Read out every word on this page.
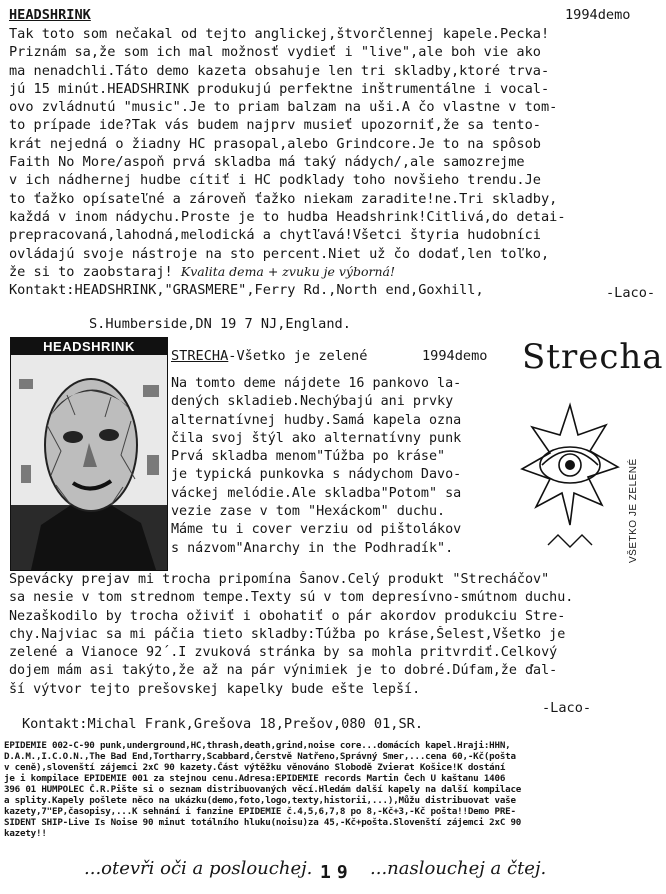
HEADSHRINK	1994demo
Tak toto som nečakal od tejto anglickej,štvorčlennej kapele.Pecka!
Priznám sa,že som ich mal možnosť vydieť i "live",ale boh vie ako
ma nenadchli.Táto demo kazeta obsahuje len tri skladby,ktoré trva-
jú 15 minút.HEADSHRINK produkujú perfektne inštrumentálne i vocal-
ovo zvládnutú "music".Je to priam balzam na uši.A čo vlastne v tom-
to prípade ide?Tak vás budem najprv musieť upozorniť,že sa tento-
krát nejedná o žiadny HC prasopal,alebo Grindcore.Je to na spôsob
Faith No More/aspoň prvá skladba má taký nádych/,ale samozrejme
v ich nádhernej hudbe cítiť i HC podklady toho novšieho trendu.Je
to ťažko opísateľné a zároveň ťažko niekam zaradite!ne.Tri skladby,
každá v inom nádychu.Proste je to hudba Headshrink!Citlivá,do detai-
prepracovaná,lahodná,melodická a chytľavá!Všetci štyria hudobníci
ovládajú svoje nástroje na sto percent.Niet už čo dodať,len toľko,
že si to zaobstaraj! Kvalita dema + zvuku je výborná!
Kontakt:HEADSHRINK,"GRASMERE",Ferry Rd.,North end,Goxhill,	-Laco-
S.Humberside,DN 19 7 NJ,England.
HEADSHRINK
STRECHA-Všetko je zelené	1994demo
Na tomto deme nájdete 16 pankovo la-
dených skladieb.Nechýbajú ani prvky
alternatívnej hudby.Samá kapela ozna
čila svoj štýl ako alternatívny punk
Prvá skladba menom"Túžba po kráse"
je typická punkovka s nádychom Davo-
váckej melódie.Ale skladba"Potom" sa
vezie zase v tom "Hexáckom" duchu.
Máme tu i cover verziu od pištolákov
s názvom"Anarchy in the Podhradík".
Spevácky prejav mi trocha pripomína Šanov.Celý produkt "Strecháčov"
sa nesie v tom strednom tempe.Texty sú v tom depresívno-smútnom duchu.
Nezaškodilo by trocha oživiť i obohatiť o pár akordov produkciu Stre-
chy.Najviac sa mi páčia tieto skladby:Túžba po kráse,Šelest,Všetko je
zelené a Vianoce 92´.I zvuková stránka by sa mohla pritvrdiť.Celkový
dojem mám asi takýto,že až na pár výnimiek je to dobré.Dúfam,že ďal-
ší výtvor tejto prešovskej kapelky bude ešte lepší.
-Laco-
Kontakt:Michal Frank,Grešova 18,Prešov,080 01,SR.
Strecha
VŠETKO JE ZELENÉ
EPIDEMIE 002-C-90 punk,underground,HC,thrash,death,grind,noise core...domácích kapel.Hraji:HHN,
D.A.M.,I.C.O.N.,The Bad End,Tortharry,Scabbard,Čerstvě Natřeno,Správný Smer,...cena 60,-Kč(pošta
v ceně),slovenští zájemci 2xC 90 kazety.Část výtěžku věnováno Slobodě Zvierat Košice!K dostání
je i kompilace EPIDEMIE 001 za stejnou cenu.Adresa:EPIDEMIE records Martin Čech U kaštanu 1406
396 01 HUMPOLEC Č.R.Pište si o seznam distribuovaných věcí.Hledám další kapely na další kompilace
a splity.Kapely pošlete něco na ukázku(demo,foto,logo,texty,historii,...),Můžu distribuovat vaše
kazety,7"EP,časopisy,...K sehnání i fanzine EPIDEMIE č.4,5,6,7,8 po 8,-Kč+3,-Kč pošta!!Demo PRE-
SIDENT SHIP-Live Is Noise 90 minut totálního hluku(noisu)za 45,-Kč+pošta.Slovenští zájemci 2xC 90
kazety!!
...otevři oči a poslouchej. 19 ...naslouchej a čtej.
